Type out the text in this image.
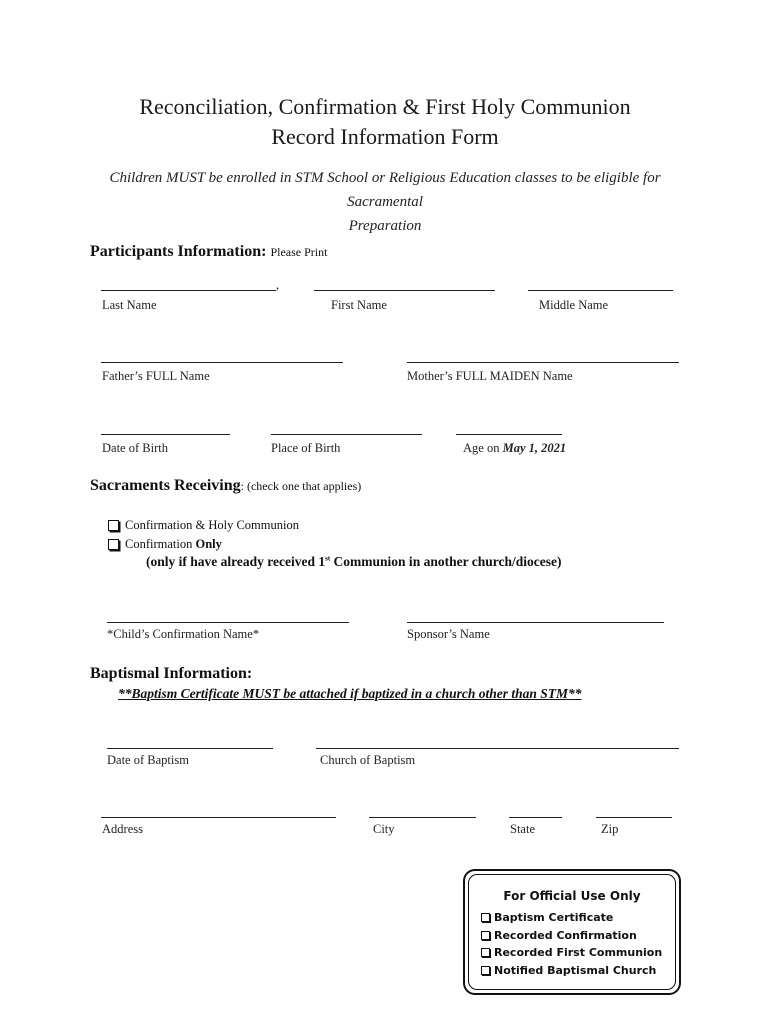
Reconciliation, Confirmation & First Holy Communion
Record Information Form
Children MUST be enrolled in STM School or Religious Education classes to be eligible for Sacramental
Preparation
Participants Information: Please Print
,
Last Name	First Name	Middle Name
Father’s FULL Name	Mother’s FULL MAIDEN Name
Date of Birth	Place of Birth	Age on May 1, 2021
Sacraments Receiving: (check one that applies)
Confirmation & Holy Communion
Confirmation
Only
(only if have already received 1st Communion in another church/diocese)
*Child’s Confirmation Name*	Sponsor’s Name
Baptismal Information:
**Baptism Certificate MUST be attached if baptized in a church other than STM**
Date of Baptism	Church of Baptism
Address	City	State	Zip
For Official Use Only
Baptism Certificate
Recorded Confirmation
Recorded First Communion
Notified Baptismal Church
